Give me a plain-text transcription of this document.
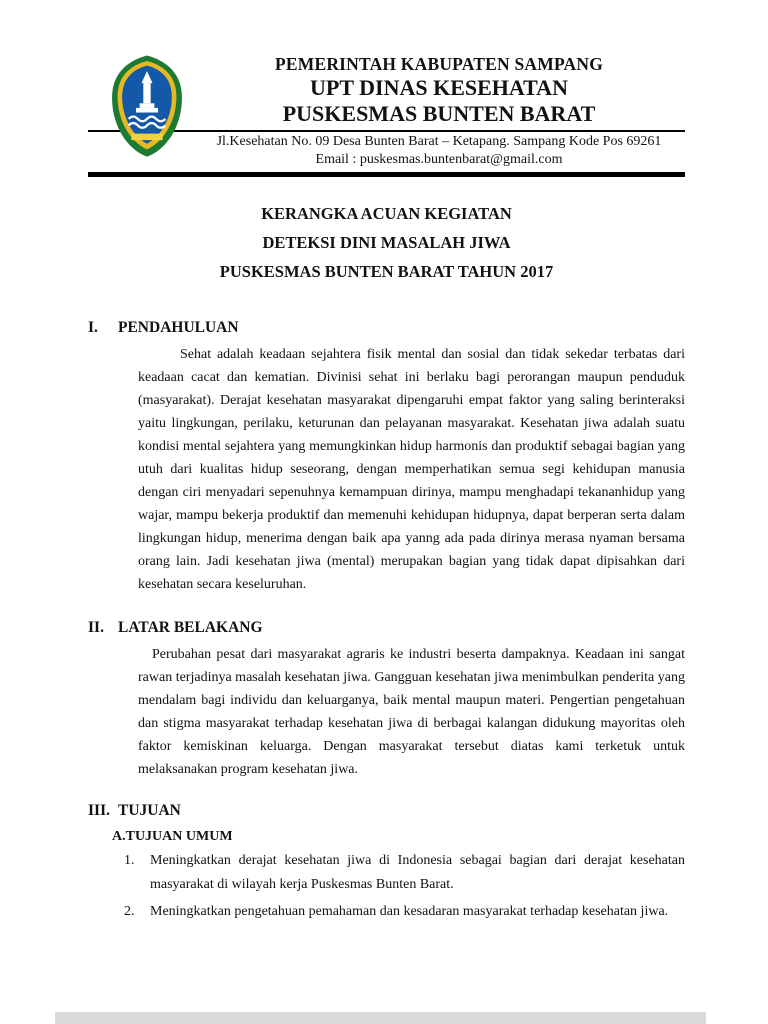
PEMERINTAH KABUPATEN SAMPANG
UPT DINAS KESEHATAN
PUSKESMAS BUNTEN BARAT
Jl.Kesehatan No. 09 Desa Bunten Barat – Ketapang. Sampang Kode Pos 69261
Email : puskesmas.buntenbarat@gmail.com
KERANGKA ACUAN KEGIATAN
DETEKSI DINI MASALAH JIWA
PUSKESMAS BUNTEN BARAT TAHUN 2017
I.	PENDAHULUAN

Sehat adalah keadaan sejahtera fisik mental dan sosial dan tidak sekedar terbatas dari keadaan cacat dan kematian. Divinisi sehat ini berlaku bagi perorangan maupun penduduk (masyarakat). Derajat kesehatan masyarakat dipengaruhi empat faktor yang saling berinteraksi yaitu lingkungan, perilaku, keturunan dan pelayanan masyarakat. Kesehatan jiwa adalah suatu kondisi mental sejahtera yang memungkinkan hidup harmonis dan produktif sebagai bagian yang utuh dari kualitas hidup seseorang, dengan memperhatikan semua segi kehidupan manusia dengan ciri menyadari sepenuhnya kemampuan dirinya, mampu menghadapi tekananhidup yang wajar, mampu bekerja produktif dan memenuhi kehidupan hidupnya, dapat berperan serta dalam lingkungan hidup, menerima dengan baik apa yanng ada pada dirinya merasa nyaman bersama orang lain. Jadi kesehatan jiwa (mental) merupakan bagian yang tidak dapat dipisahkan dari kesehatan secara keseluruhan.

II. LATAR BELAKANG

Perubahan pesat dari masyarakat agraris ke industri beserta dampaknya. Keadaan ini sangat rawan terjadinya masalah kesehatan jiwa. Gangguan kesehatan jiwa menimbulkan penderita yang mendalam bagi individu dan keluarganya, baik mental maupun materi. Pengertian pengetahuan dan stigma masyarakat terhadap kesehatan jiwa di berbagai kalangan didukung mayoritas oleh faktor kemiskinan keluarga. Dengan masyarakat tersebut diatas kami terketuk untuk melaksanakan program kesehatan jiwa.

III. TUJUAN
A.TUJUAN UMUM
1.	Meningkatkan derajat kesehatan jiwa di Indonesia sebagai bagian dari derajat kesehatan masyarakat di wilayah kerja Puskesmas Bunten Barat.
2.	Meningkatkan pengetahuan pemahaman dan kesadaran masyarakat terhadap kesehatan jiwa.
